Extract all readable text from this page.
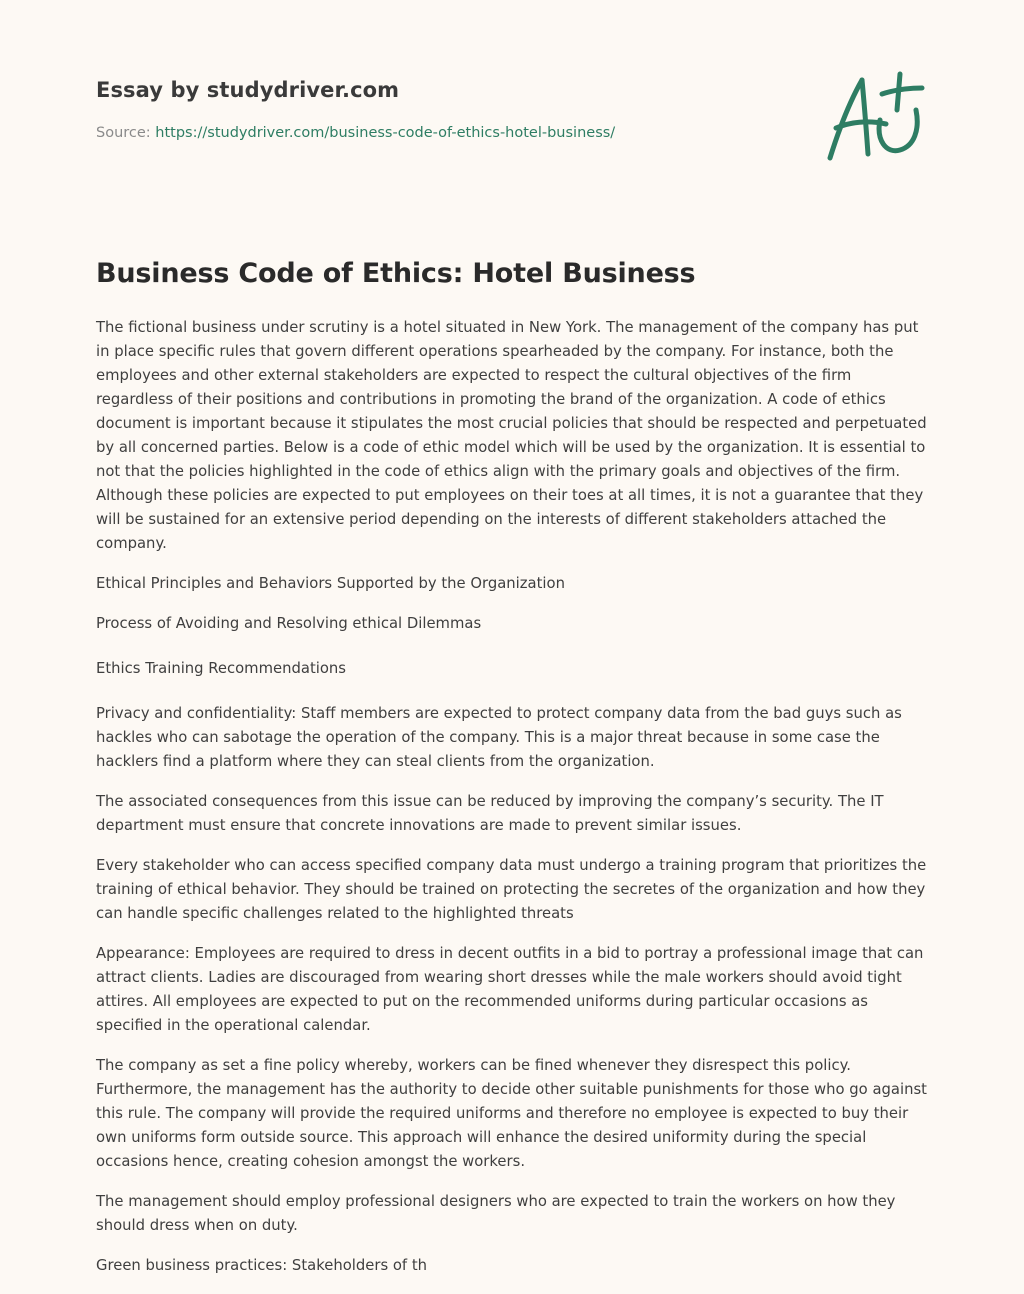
Essay by studydriver.com
Source: https://studydriver.com/business-code-of-ethics-hotel-business/
Business Code of Ethics: Hotel Business

The fictional business under scrutiny is a hotel situated in New York. The management of the company has put in place specific rules that govern different operations spearheaded by the company. For instance, both the employees and other external stakeholders are expected to respect the cultural objectives of the firm regardless of their positions and contributions in promoting the brand of the organization. A code of ethics document is important because it stipulates the most crucial policies that should be respected and perpetuated by all concerned parties. Below is a code of ethic model which will be used by the organization. It is essential to not that the policies highlighted in the code of ethics align with the primary goals and objectives of the firm. Although these policies are expected to put employees on their toes at all times, it is not a guarantee that they will be sustained for an extensive period depending on the interests of different stakeholders attached the company.

Ethical Principles and Behaviors Supported by the Organization

Process of Avoiding and Resolving ethical Dilemmas

Ethics Training Recommendations

Privacy and confidentiality: Staff members are expected to protect company data from the bad guys such as hackles who can sabotage the operation of the company. This is a major threat because in some case the hacklers find a platform where they can steal clients from the organization.

The associated consequences from this issue can be reduced by improving the company’s security. The IT department must ensure that concrete innovations are made to prevent similar issues.

Every stakeholder who can access specified company data must undergo a training program that prioritizes the training of ethical behavior. They should be trained on protecting the secretes of the organization and how they can handle specific challenges related to the highlighted threats

Appearance: Employees are required to dress in decent outfits in a bid to portray a professional image that can attract clients. Ladies are discouraged from wearing short dresses while the male workers should avoid tight attires. All employees are expected to put on the recommended uniforms during particular occasions as specified in the operational calendar.

The company as set a fine policy whereby, workers can be fined whenever they disrespect this policy. Furthermore, the management has the authority to decide other suitable punishments for those who go against this rule. The company will provide the required uniforms and therefore no employee is expected to buy their own uniforms form outside source. This approach will enhance the desired uniformity during the special occasions hence, creating cohesion amongst the workers.

The management should employ professional designers who are expected to train the workers on how they should dress when on duty.

Green business practices: Stakeholders of th
